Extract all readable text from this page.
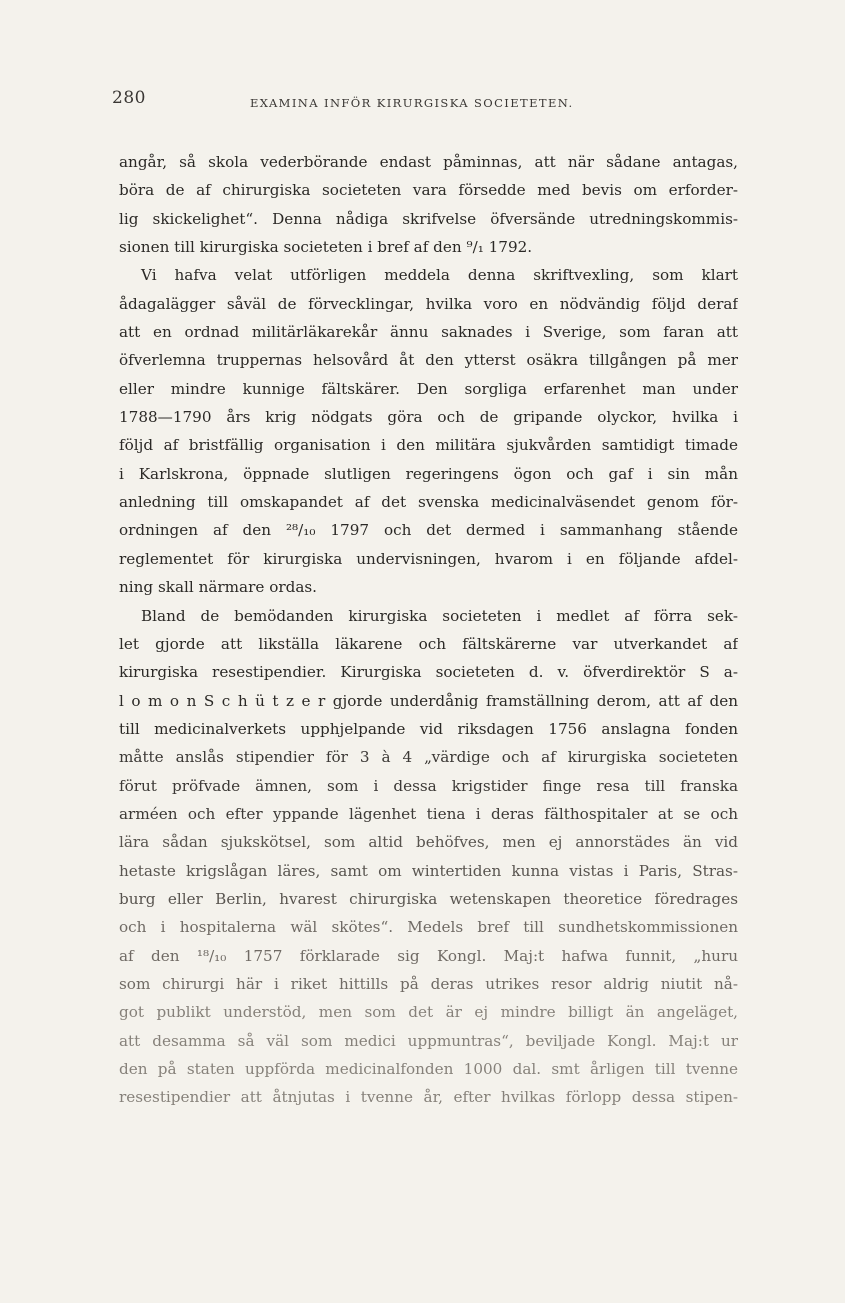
280	EXAMINA INFÖR KIRURGISKA SOCIETETEN.
angår, så skola vederbörande endast påminnas, att när sådane antagas,
böra de af chirurgiska societeten vara försedde med bevis om erforder-
lig skickelighet“. Denna nådiga skrifvelse öfversände utredningskommis-
sionen till kirurgiska societeten i bref af den ⁹/₁ 1792.
Vi hafva velat utförligen meddela denna skriftvexling, som klart
ådagalägger såväl de förvecklingar, hvilka voro en nödvändig följd deraf
att en ordnad militärläkarekår ännu saknades i Sverige, som faran att
öfverlemna truppernas helsovård åt den ytterst osäkra tillgången på mer
eller mindre kunnige fältskärer. Den sorgliga erfarenhet man under
1788—1790 års krig nödgats göra och de gripande olyckor, hvilka i
följd af bristfällig organisation i den militära sjukvården samtidigt timade
i Karlskrona, öppnade slutligen regeringens ögon och gaf i sin mån
anledning till omskapandet af det svenska medicinalväsendet genom för-
ordningen af den ²⁸/₁₀ 1797 och det dermed i sammanhang stående
reglementet för kirurgiska undervisningen, hvarom i en följande afdel-
ning skall närmare ordas.
Bland de bemödanden kirurgiska societeten i medlet af förra sek-
let gjorde att likställa läkarene och fältskärerne var utverkandet af
kirurgiska resestipendier. Kirurgiska societeten d. v. öfverdirektör S a-
l o m o n S c h ü t z e r gjorde underdånig framställning derom, att af den
till medicinalverkets upphjelpande vid riksdagen 1756 anslagna fonden
måtte anslås stipendier för 3 à 4 „värdige och af kirurgiska societeten
förut pröfvade ämnen, som i dessa krigstider finge resa till franska
arméen och efter yppande lägenhet tiena i deras fälthospitaler at se och
lära sådan sjukskötsel, som altid behöfves, men ej annorstädes än vid
hetaste krigslågan läres, samt om wintertiden kunna vistas i Paris, Stras-
burg eller Berlin, hvarest chirurgiska wetenskapen theoretice föredrages
och i hospitalerna wäl skötes“. Medels bref till sundhetskommissionen
af den ¹⁸/₁₀ 1757 förklarade sig Kongl. Maj:t hafwa funnit, „huru
som chirurgi här i riket hittills på deras utrikes resor aldrig niutit nå-
got publikt understöd, men som det är ej mindre billigt än angeläget,
att desamma så väl som medici uppmuntras“, beviljade Kongl. Maj:t ur
den på staten uppförda medicinalfonden 1000 dal. smt årligen till tvenne
resestipendier att åtnjutas i tvenne år, efter hvilkas förlopp dessa stipen-
